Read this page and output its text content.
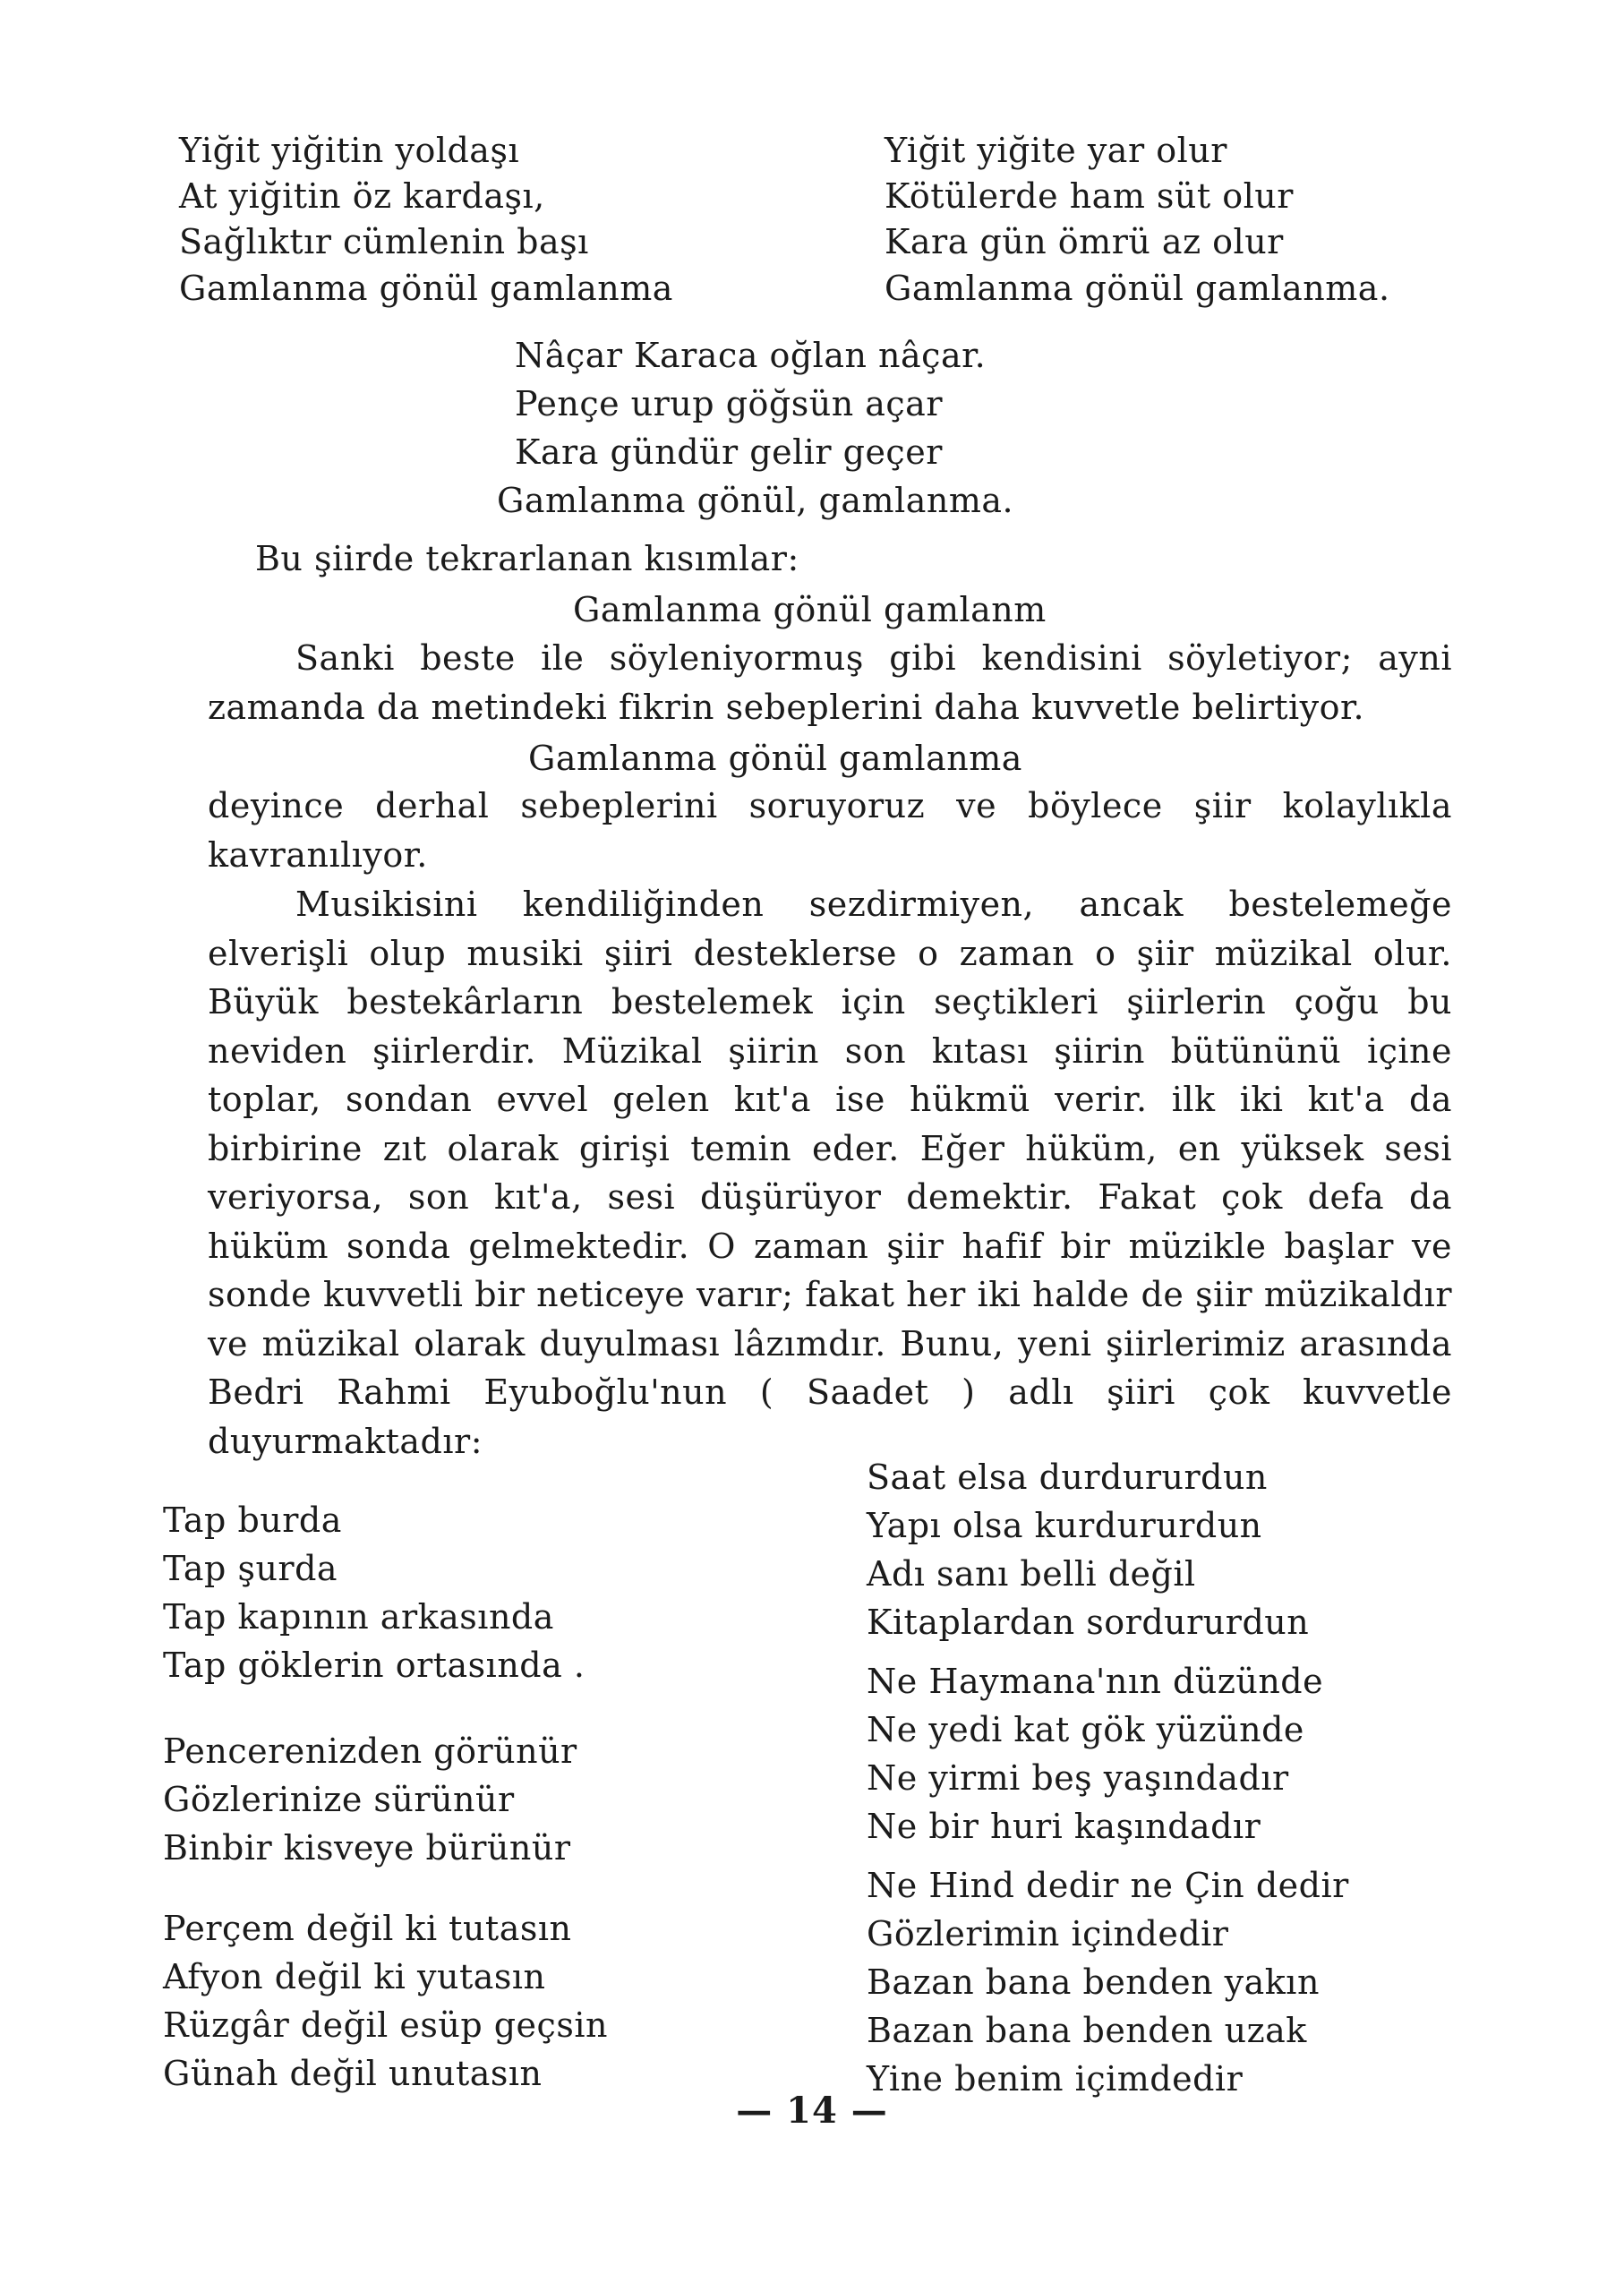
Yiğit yiğitin yoldaşı
At yiğitin öz kardaşı,
Sağlıktır cümlenin başı
Gamlanma gönül gamlanma
Yiğit yiğite yar olur
Kötülerde ham süt olur
Kara gün ömrü az olur
Gamlanma gönül gamlanma.
Nâçar Karaca oğlan nâçar.
Pençe urup göğsün açar
Kara gündür gelir geçer
Gamlanma gönül, gamlanma.
Bu şiirde tekrarlanan kısımlar:
Gamlanma gönül gamlanm
Sanki beste ile söyleniyormuş gibi kendisini söyletiyor; ayni zamanda da metindeki fikrin sebeplerini daha kuvvetle belirtiyor.
Gamlanma gönül gamlanma
deyince derhal sebeplerini soruyoruz ve böylece şiir kolaylıkla kavranılıyor.
Musikisini kendiliğinden sezdirmiyen, ancak bestelemeğe elverişli olup musiki şiiri desteklerse o zaman o şiir müzikal olur. Büyük bestekârların bestelemek için seçtikleri şiirlerin çoğu bu neviden şiirlerdir. Müzikal şiirin son kıtası şiirin bütününü içine toplar, sondan evvel gelen kıt'a ise hükmü verir. ilk iki kıt'a da birbirine zıt olarak girişi temin eder. Eğer hüküm, en yüksek sesi veriyorsa, son kıt'a, sesi düşürüyor demektir. Fakat çok defa da hüküm sonda gelmektedir. O zaman şiir hafif bir müzikle başlar ve sonde kuvvetli bir neticeye varır; fakat her iki halde de şiir müzikaldır ve müzikal olarak duyulması lâzımdır. Bunu, yeni şiirlerimiz arasında Bedri Rahmi Eyuboğlu'nun ( Saadet ) adlı şiiri çok kuvvetle duyurmaktadır:
Tap burda
Tap şurda
Tap kapının arkasında
Tap göklerin ortasında .
Pencerenizden görünür
Gözlerinize sürünür
Binbir kisveye bürünür
Perçem değil ki tutasın
Afyon değil ki yutasın
Rüzgâr değil esüp geçsin
Günah değil unutasın
Saat elsa durdururdun
Yapı olsa kurdururdun
Adı sanı belli değil
Kitaplardan sordururdun
Ne Haymana'nın düzünde
Ne yedi kat gök yüzünde
Ne yirmi beş yaşındadır
Ne bir huri kaşındadır
Ne Hind dedir ne Çin dedir
Gözlerimin içindedir
Bazan bana benden yakın
Bazan bana benden uzak
Yine benim içimdedir
— 14 —
